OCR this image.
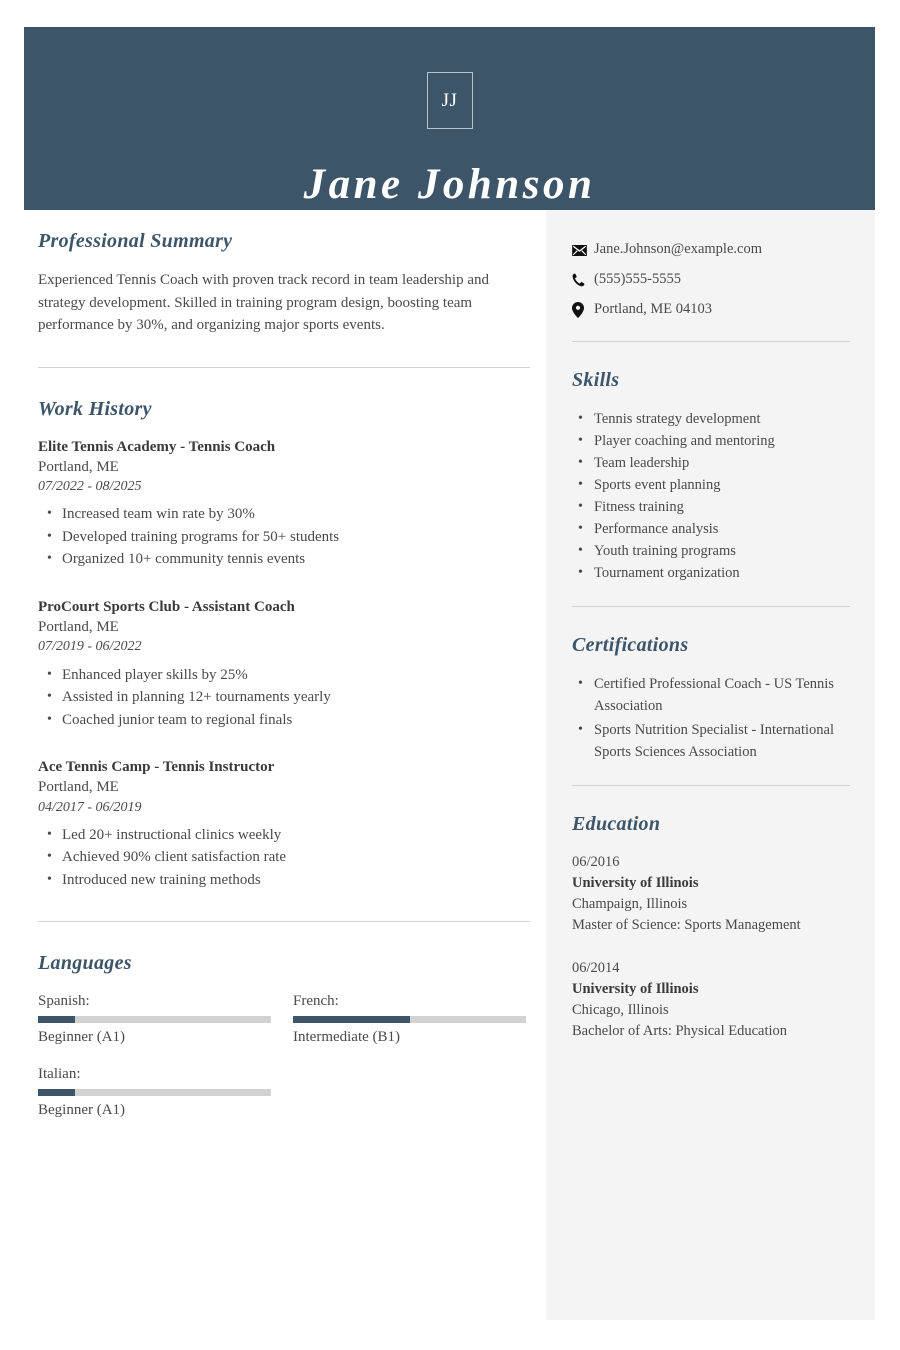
JJ
Jane Johnson
Jane.Johnson@example.com
(555)555-5555
Portland, ME 04103
Skills
• Tennis strategy development
• Player coaching and mentoring
• Team leadership
• Sports event planning
• Fitness training
• Performance analysis
• Youth training programs
• Tournament organization
Certifications
• Certified Professional Coach - US Tennis Association
• Sports Nutrition Specialist - International Sports Sciences Association
Education
06/2016
University of Illinois
Champaign, Illinois
Master of Science: Sports Management
06/2014
University of Illinois
Chicago, Illinois
Bachelor of Arts: Physical Education
Professional Summary

Experienced Tennis Coach with proven track record in team leadership and strategy development. Skilled in training program design, boosting team performance by 30%, and organizing major sports events.

Work History
Elite Tennis Academy - Tennis Coach
Portland, ME
07/2022 - 08/2025
• Increased team win rate by 30%
• Developed training programs for 50+ students
• Organized 10+ community tennis events
ProCourt Sports Club - Assistant Coach
Portland, ME
07/2019 - 06/2022
• Enhanced player skills by 25%
• Assisted in planning 12+ tournaments yearly
• Coached junior team to regional finals
Ace Tennis Camp - Tennis Instructor
Portland, ME
04/2017 - 06/2019
• Led 20+ instructional clinics weekly
• Achieved 90% client satisfaction rate
• Introduced new training methods
Languages
Spanish:
Beginner (A1)
French:
Intermediate (B1)
Italian:
Beginner (A1)
